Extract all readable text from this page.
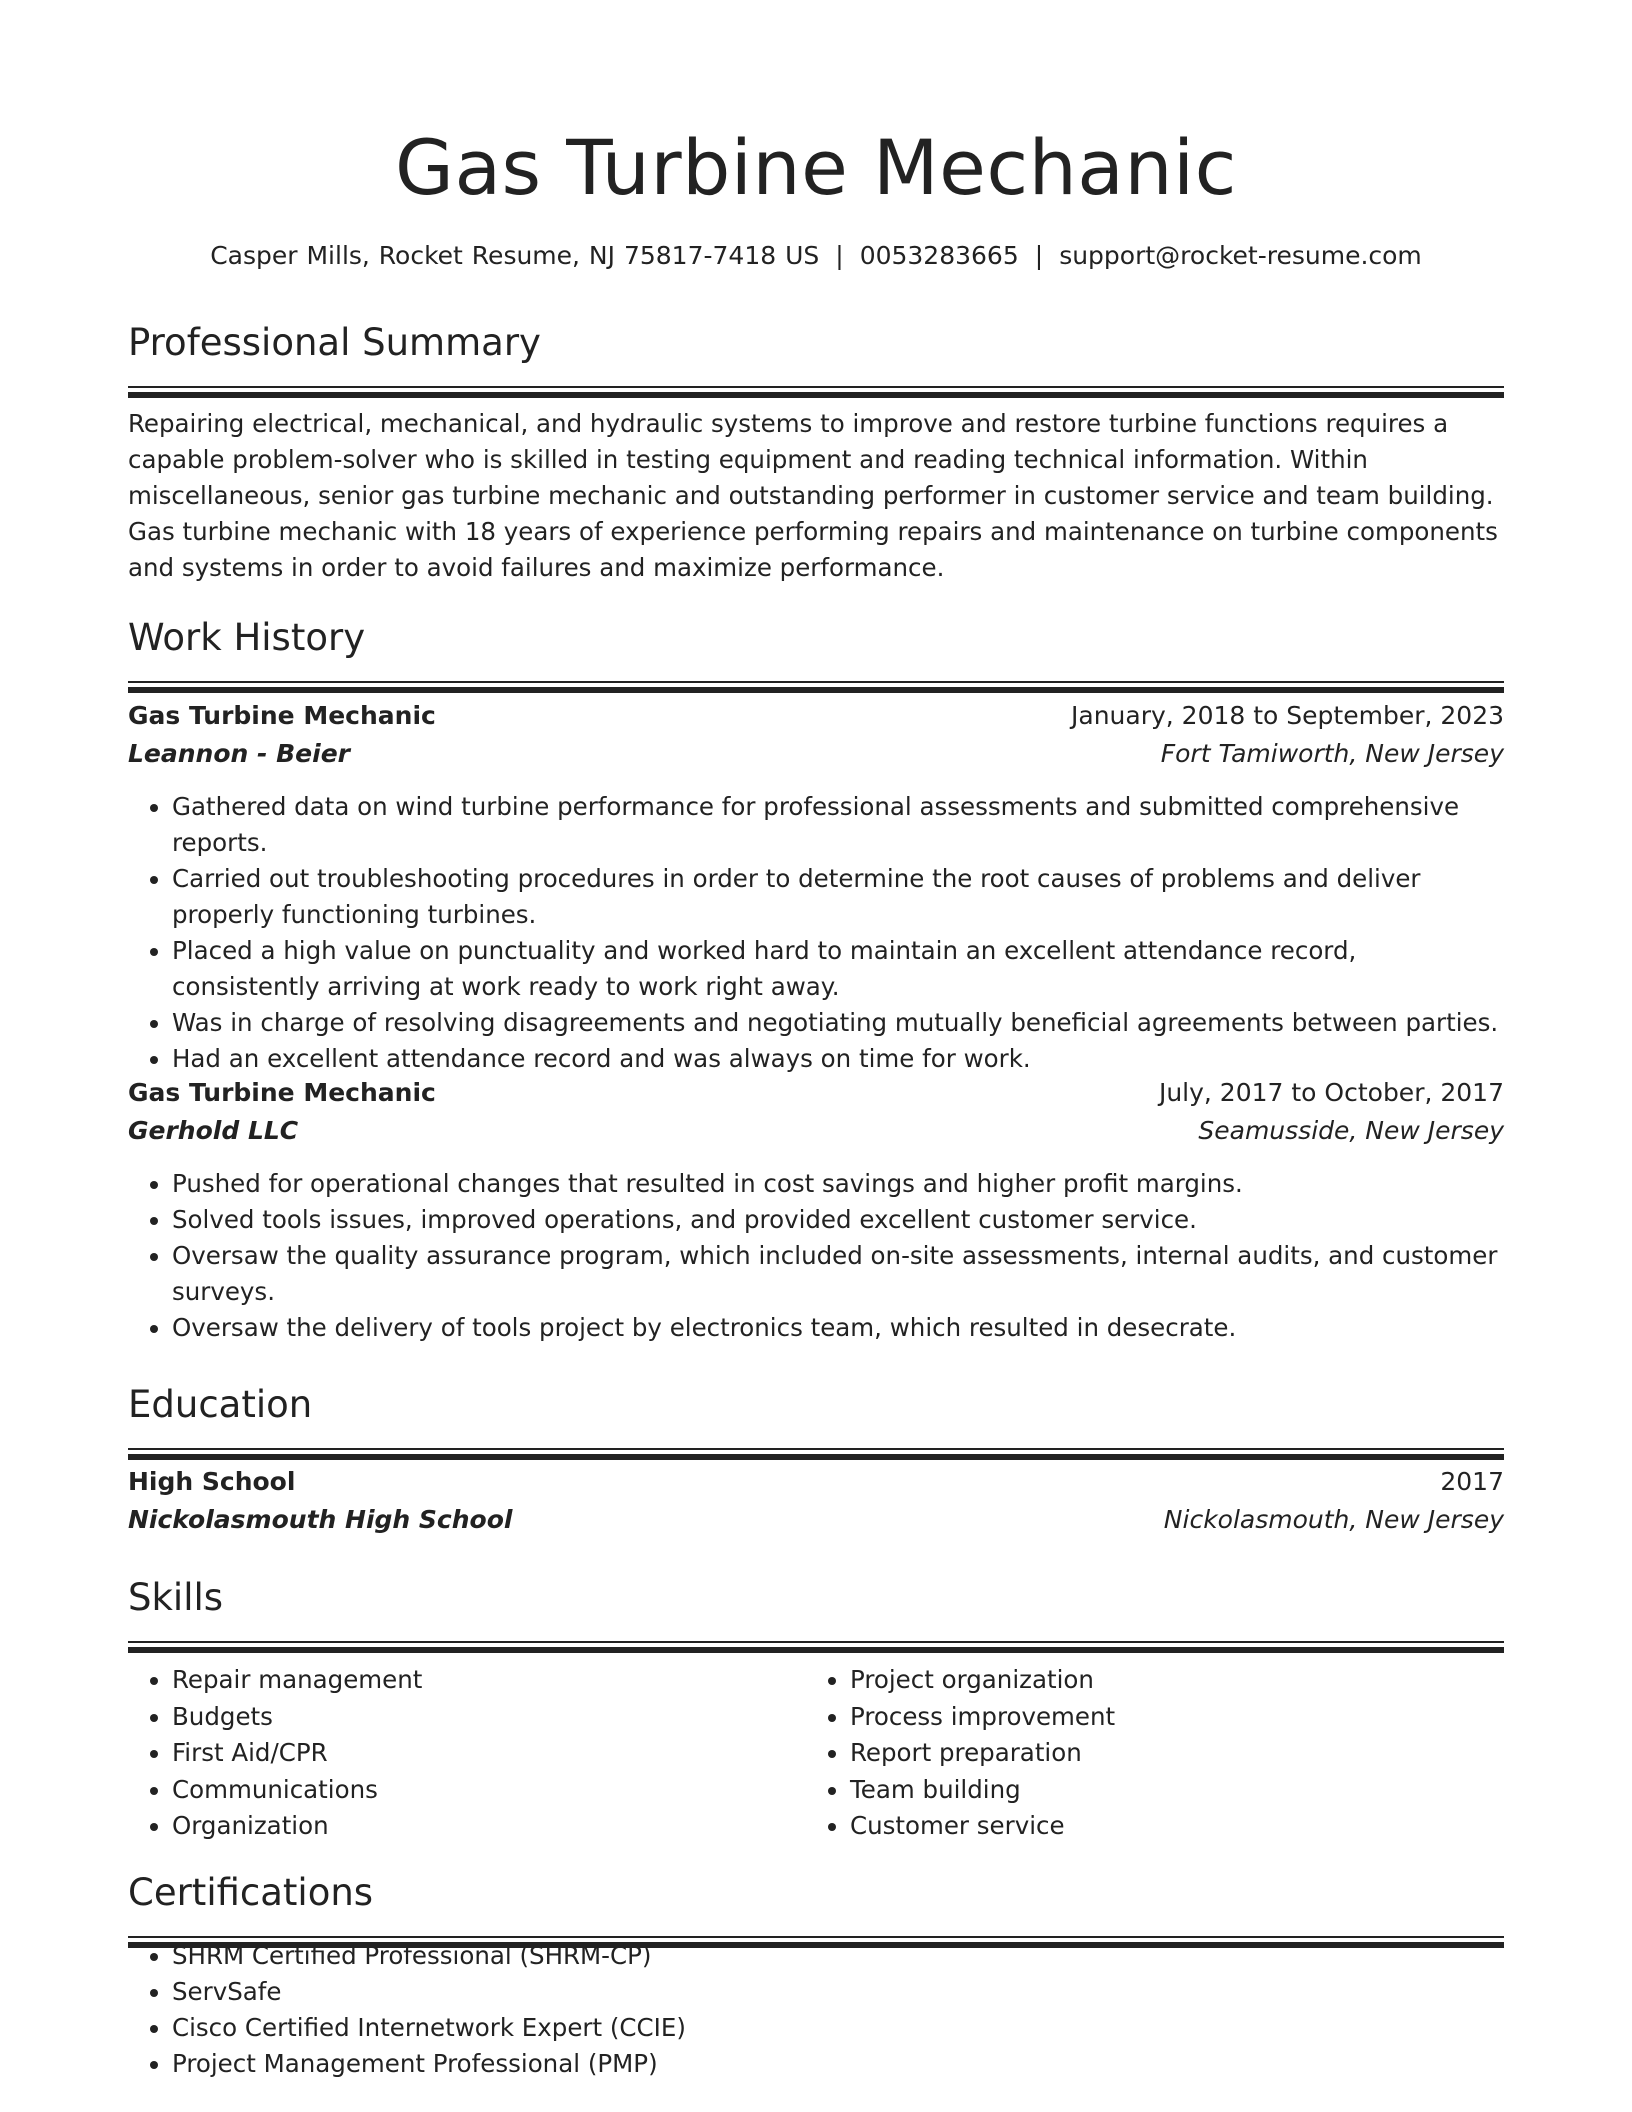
Gas Turbine Mechanic
Casper Mills, Rocket Resume, NJ 75817-7418 US | 0053283665 | support@rocket-resume.com
Professional Summary

Repairing electrical, mechanical, and hydraulic systems to improve and restore turbine functions requires a capable problem-solver who is skilled in testing equipment and reading technical information. Within miscellaneous, senior gas turbine mechanic and outstanding performer in customer service and team building. Gas turbine mechanic with 18 years of experience performing repairs and maintenance on turbine components and systems in order to avoid failures and maximize performance.

Work History
Gas Turbine Mechanic	January, 2018 to September, 2023
Leannon - Beier	Fort Tamiworth, New Jersey
• Gathered data on wind turbine performance for professional assessments and submitted comprehensive reports.
• Carried out troubleshooting procedures in order to determine the root causes of problems and deliver properly functioning turbines.
• Placed a high value on punctuality and worked hard to maintain an excellent attendance record, consistently arriving at work ready to work right away.
• Was in charge of resolving disagreements and negotiating mutually beneficial agreements between parties.
• Had an excellent attendance record and was always on time for work.
Gas Turbine Mechanic	July, 2017 to October, 2017
Gerhold LLC	Seamusside, New Jersey
• Pushed for operational changes that resulted in cost savings and higher profit margins.
• Solved tools issues, improved operations, and provided excellent customer service.
• Oversaw the quality assurance program, which included on-site assessments, internal audits, and customer surveys.
• Oversaw the delivery of tools project by electronics team, which resulted in desecrate.
Education
High School	2017
Nickolasmouth High School	Nickolasmouth, New Jersey
Skills
• Repair management
• Budgets
• First Aid/CPR
• Communications
• Organization
• Project organization
• Process improvement
• Report preparation
• Team building
• Customer service
Certifications
• SHRM Certified Professional (SHRM-CP)
• ServSafe
• Cisco Certified Internetwork Expert (CCIE)
• Project Management Professional (PMP)
